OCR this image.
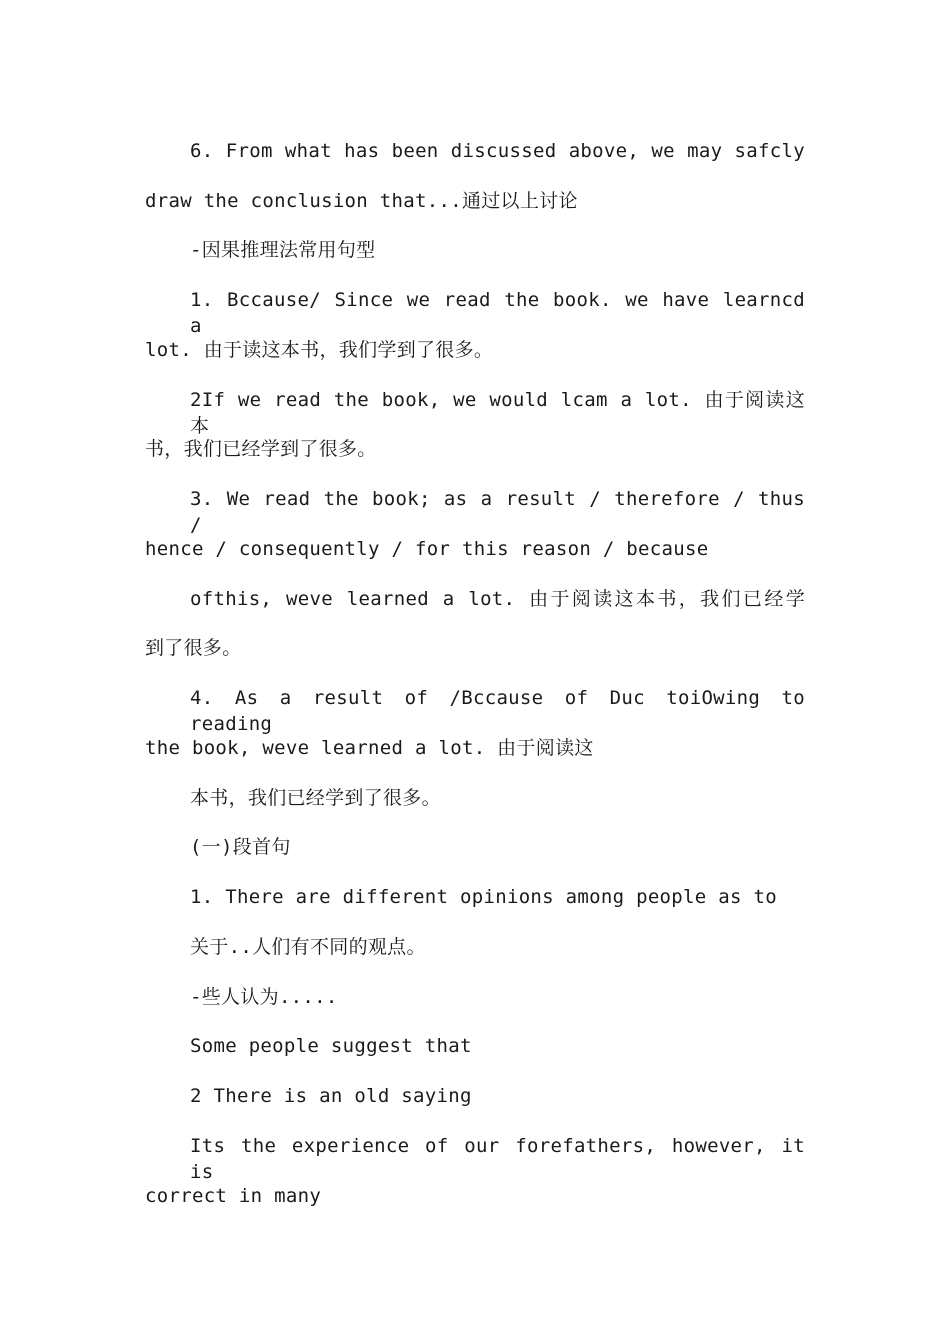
6. From what has been discussed above, we may safcly
draw the conclusion that...通过以上讨论
-因果推理法常用句型
1. Bccause/ Since we read the book. we have learncd a
lot. 由于读这本书，我们学到了很多。
2If we read the book, we would lcam a lot. 由于阅读这本
书，我们已经学到了很多。
3. We read the book; as a result / therefore / thus /
hence / consequently / for this reason / because
ofthis, weve learned a lot. 由于阅读这本书，我们已经学
到了很多。
4. As a result of /Bccause of Duc toiOwing to reading
the book, weve learned a lot. 由于阅读这
本书，我们已经学到了很多。
(一)段首句
1. There are different opinions among people as to
关于..人们有不同的观点。
-些人认为.....
Some people suggest that
2 There is an old saying
Its the experience of our forefathers, however, it is
correct in many
